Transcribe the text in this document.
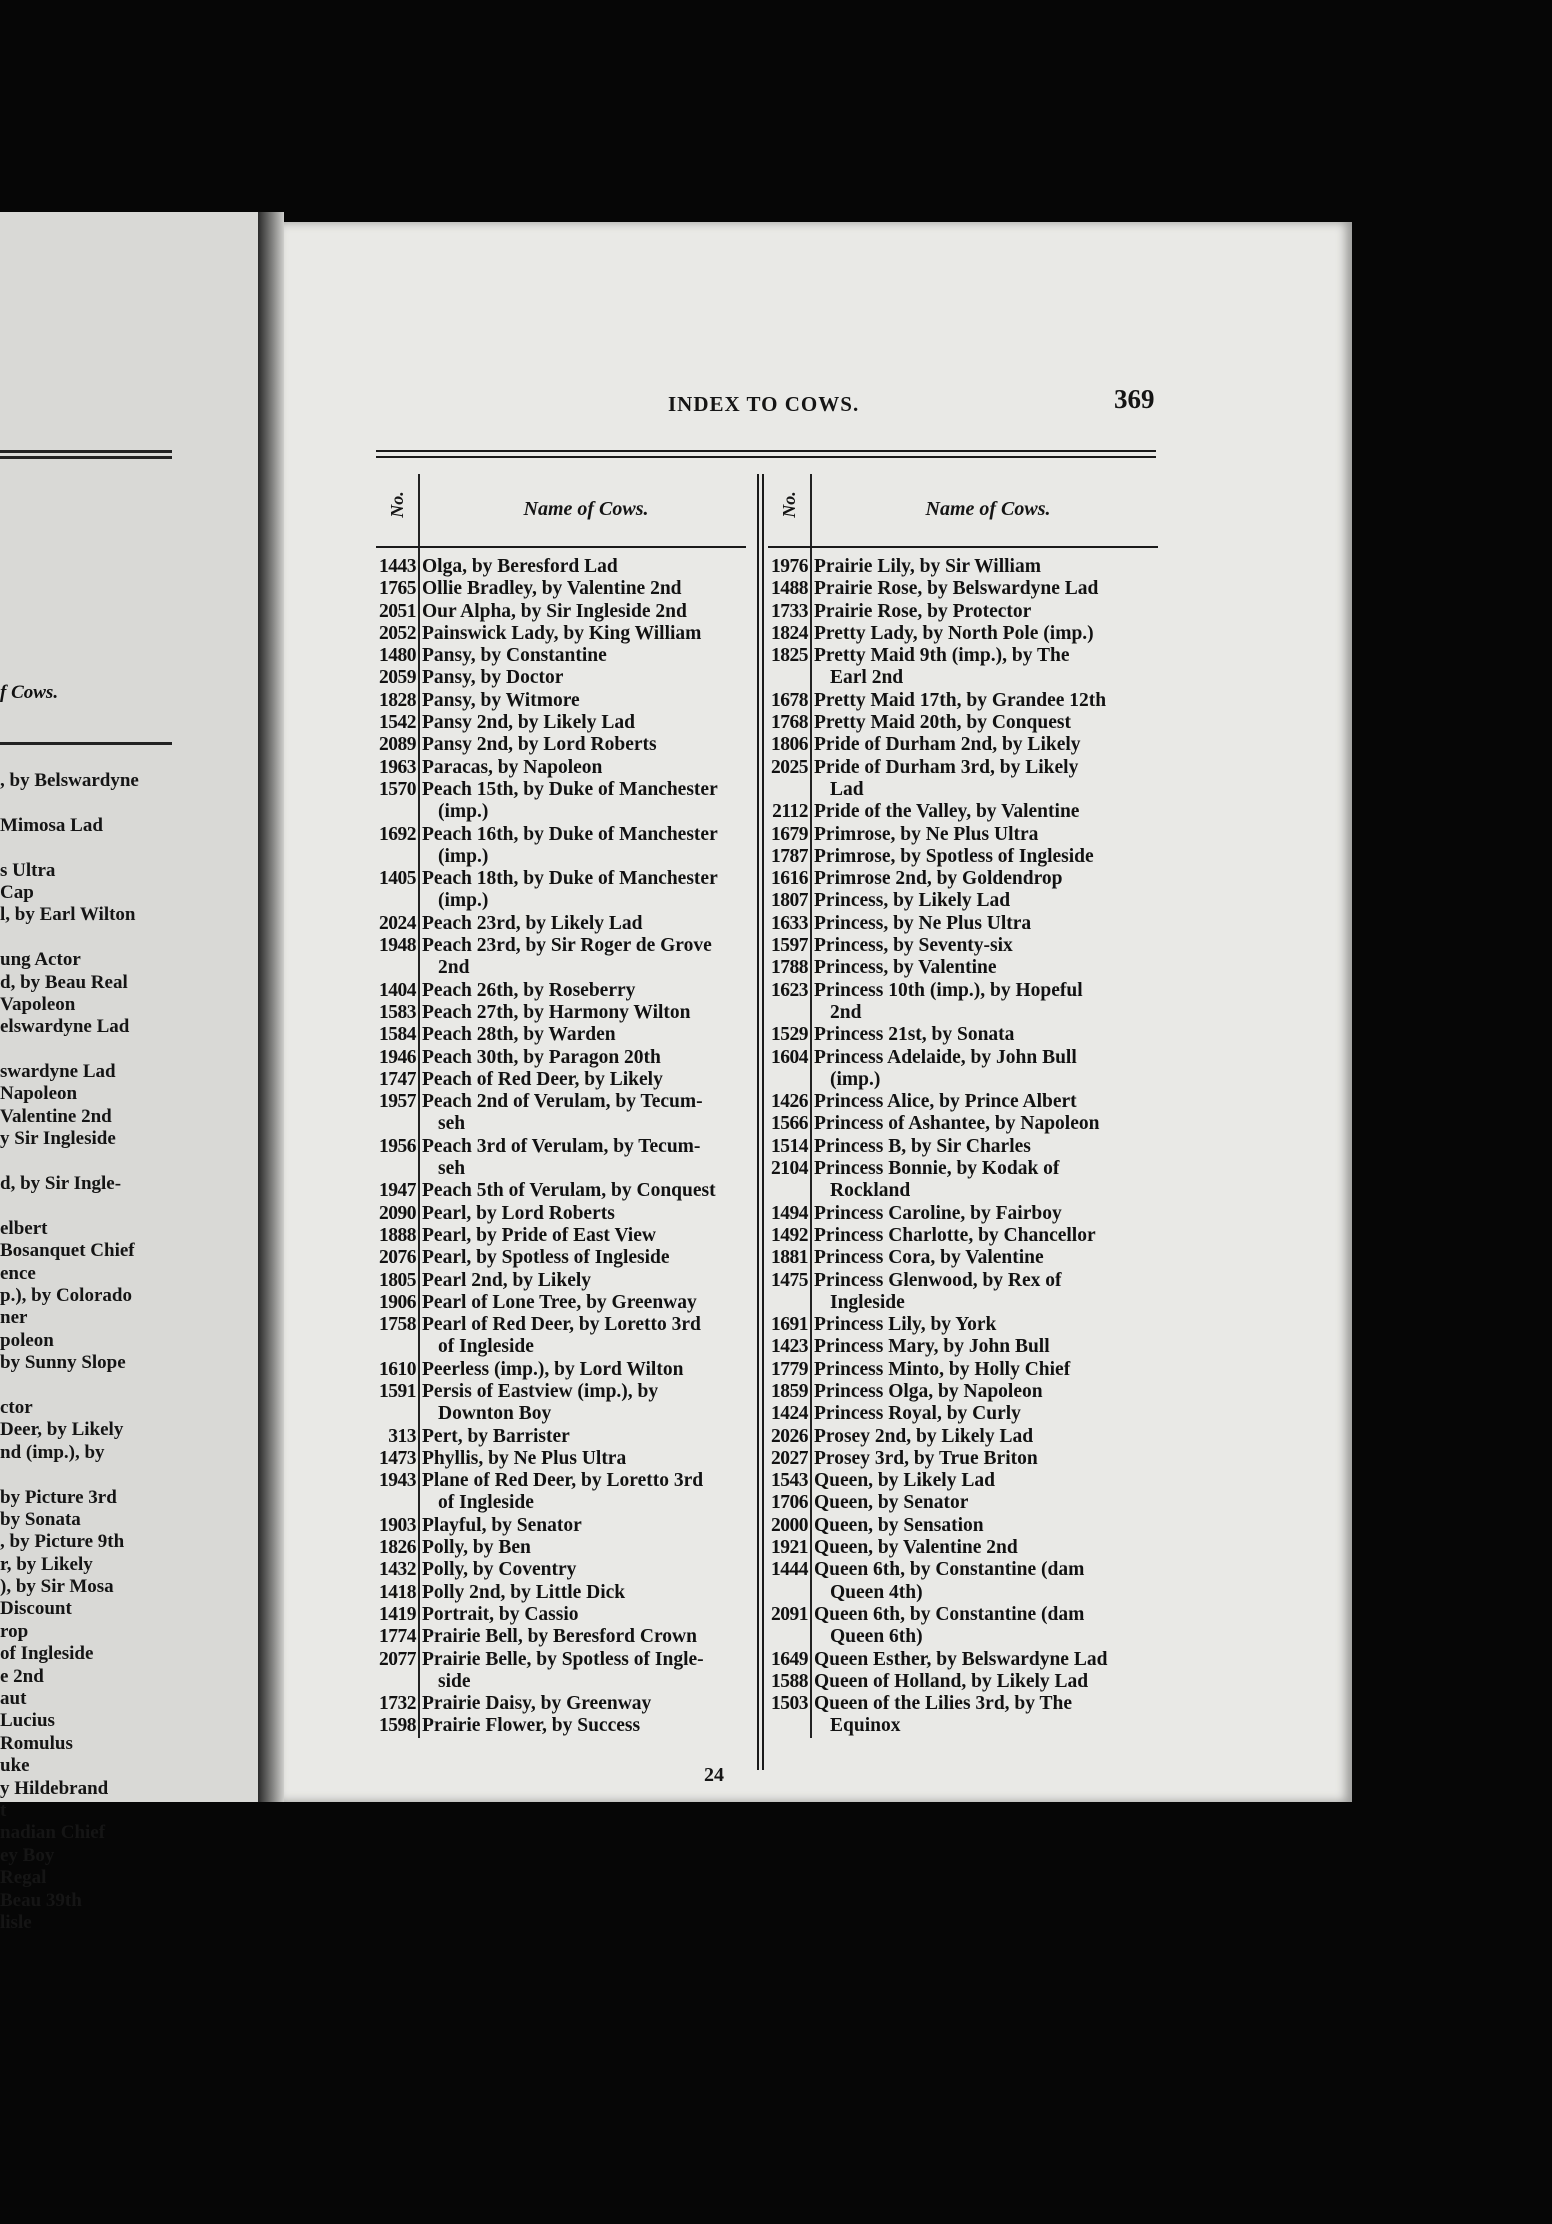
f Cows.
, by Belswardyne
Mimosa Lad
s Ultra
Cap
l, by Earl Wilton
ung Actor
d, by Beau Real
Vapoleon
elswardyne Lad
swardyne Lad
Napoleon
Valentine 2nd
y Sir Ingleside
d, by Sir Ingle-
elbert
Bosanquet Chief
ence
p.), by Colorado
ner
poleon
by Sunny Slope
ctor
Deer, by Likely
nd (imp.), by
by Picture 3rd
by Sonata
, by Picture 9th
r, by Likely
), by Sir Mosa
Discount
rop
of Ingleside
e 2nd
aut
Lucius
Romulus
uke
y Hildebrand
t
nadian Chief
ey Boy
Regal
Beau 39th
lisle
INDEX TO COWS.	369
No.	Name of Cows.
1443 Olga, by Beresford Lad
1765 Ollie Bradley, by Valentine 2nd
2051 Our Alpha, by Sir Ingleside 2nd
2052 Painswick Lady, by King William
1480 Pansy, by Constantine
2059 Pansy, by Doctor
1828 Pansy, by Witmore
1542 Pansy 2nd, by Likely Lad
2089 Pansy 2nd, by Lord Roberts
1963 Paracas, by Napoleon
1570 Peach 15th, by Duke of Manchester
(imp.)
1692 Peach 16th, by Duke of Manchester
(imp.)
1405 Peach 18th, by Duke of Manchester
(imp.)
2024 Peach 23rd, by Likely Lad
1948 Peach 23rd, by Sir Roger de Grove
2nd
1404 Peach 26th, by Roseberry
1583 Peach 27th, by Harmony Wilton
1584 Peach 28th, by Warden
1946 Peach 30th, by Paragon 20th
1747 Peach of Red Deer, by Likely
1957 Peach 2nd of Verulam, by Tecum-
seh
1956 Peach 3rd of Verulam, by Tecum-
seh
1947 Peach 5th of Verulam, by Conquest
2090 Pearl, by Lord Roberts
1888 Pearl, by Pride of East View
2076 Pearl, by Spotless of Ingleside
1805 Pearl 2nd, by Likely
1906 Pearl of Lone Tree, by Greenway
1758 Pearl of Red Deer, by Loretto 3rd
of Ingleside
1610 Peerless (imp.), by Lord Wilton
1591 Persis of Eastview (imp.), by
Downton Boy
313 Pert, by Barrister
1473 Phyllis, by Ne Plus Ultra
1943 Plane of Red Deer, by Loretto 3rd
of Ingleside
1903 Playful, by Senator
1826 Polly, by Ben
1432 Polly, by Coventry
1418 Polly 2nd, by Little Dick
1419 Portrait, by Cassio
1774 Prairie Bell, by Beresford Crown
2077 Prairie Belle, by Spotless of Ingle-
side
1732 Prairie Daisy, by Greenway
1598 Prairie Flower, by Success
No.	Name of Cows.
1976 Prairie Lily, by Sir William
1488 Prairie Rose, by Belswardyne Lad
1733 Prairie Rose, by Protector
1824 Pretty Lady, by North Pole (imp.)
1825 Pretty Maid 9th (imp.), by The
Earl 2nd
1678 Pretty Maid 17th, by Grandee 12th
1768 Pretty Maid 20th, by Conquest
1806 Pride of Durham 2nd, by Likely
2025 Pride of Durham 3rd, by Likely
Lad
2112 Pride of the Valley, by Valentine
1679 Primrose, by Ne Plus Ultra
1787 Primrose, by Spotless of Ingleside
1616 Primrose 2nd, by Goldendrop
1807 Princess, by Likely Lad
1633 Princess, by Ne Plus Ultra
1597 Princess, by Seventy-six
1788 Princess, by Valentine
1623 Princess 10th (imp.), by Hopeful
2nd
1529 Princess 21st, by Sonata
1604 Princess Adelaide, by John Bull
(imp.)
1426 Princess Alice, by Prince Albert
1566 Princess of Ashantee, by Napoleon
1514 Princess B, by Sir Charles
2104 Princess Bonnie, by Kodak of
Rockland
1494 Princess Caroline, by Fairboy
1492 Princess Charlotte, by Chancellor
1881 Princess Cora, by Valentine
1475 Princess Glenwood, by Rex of
Ingleside
1691 Princess Lily, by York
1423 Princess Mary, by John Bull
1779 Princess Minto, by Holly Chief
1859 Princess Olga, by Napoleon
1424 Princess Royal, by Curly
2026 Prosey 2nd, by Likely Lad
2027 Prosey 3rd, by True Briton
1543 Queen, by Likely Lad
1706 Queen, by Senator
2000 Queen, by Sensation
1921 Queen, by Valentine 2nd
1444 Queen 6th, by Constantine (dam
Queen 4th)
2091 Queen 6th, by Constantine (dam
Queen 6th)
1649 Queen Esther, by Belswardyne Lad
1588 Queen of Holland, by Likely Lad
1503 Queen of the Lilies 3rd, by The
Equinox
24
